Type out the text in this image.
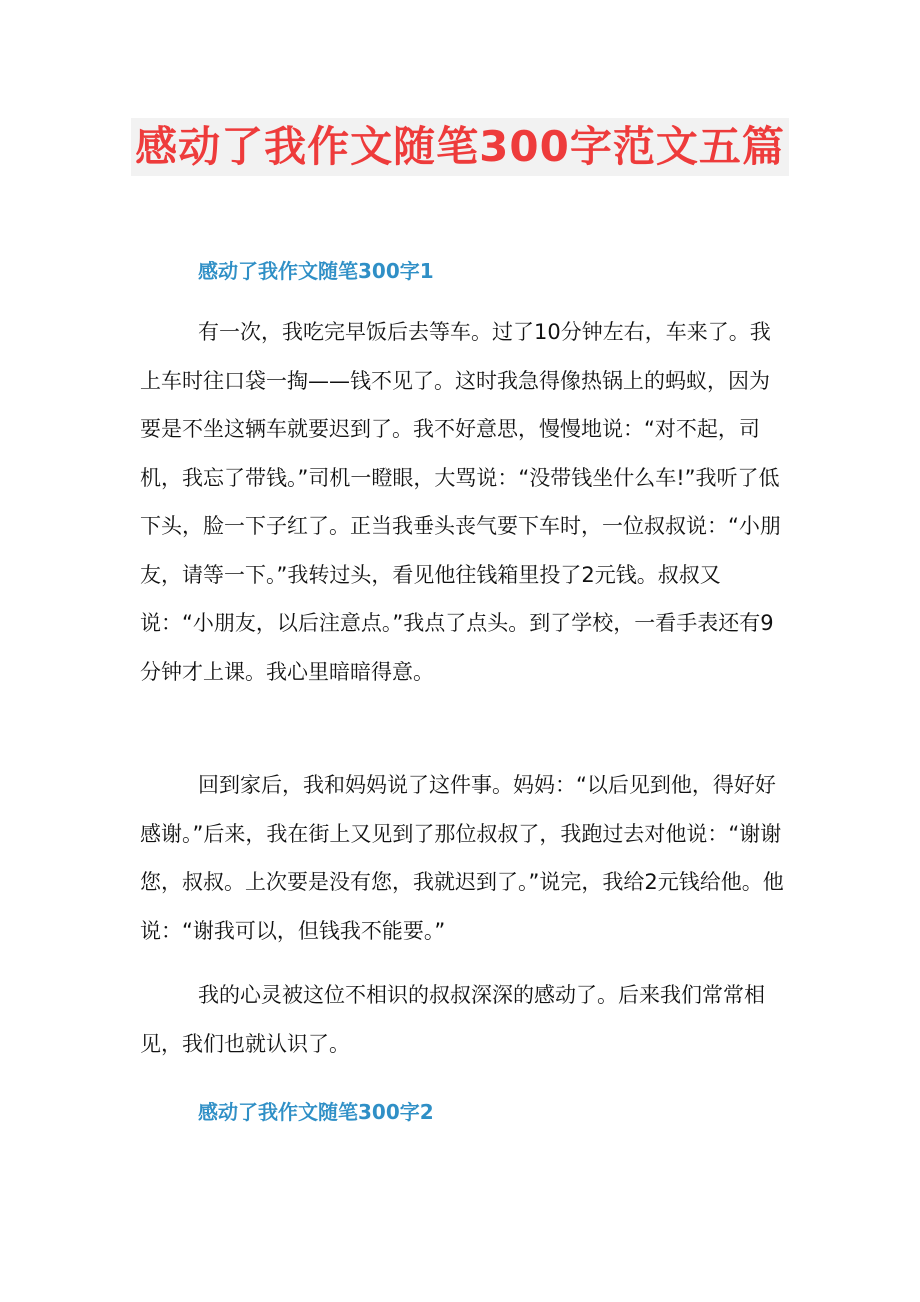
感动了我作文随笔300字范文五篇
感动了我作文随笔300字1

有一次，我吃完早饭后去等车。过了10分钟左右，车来了。我上车时往口袋一掏——钱不见了。这时我急得像热锅上的蚂蚁，因为要是不坐这辆车就要迟到了。我不好意思，慢慢地说：“对不起，司机，我忘了带钱。”司机一瞪眼，大骂说：“没带钱坐什么车!”我听了低下头，脸一下子红了。正当我垂头丧气要下车时，一位叔叔说：“小朋友，请等一下。”我转过头，看见他往钱箱里投了2元钱。叔叔又说：“小朋友，以后注意点。”我点了点头。到了学校，一看手表还有9分钟才上课。我心里暗暗得意。

回到家后，我和妈妈说了这件事。妈妈：“以后见到他，得好好感谢。”后来，我在街上又见到了那位叔叔了，我跑过去对他说：“谢谢您，叔叔。上次要是没有您，我就迟到了。”说完，我给2元钱给他。他说：“谢我可以，但钱我不能要。”

我的心灵被这位不相识的叔叔深深的感动了。后来我们常常相见，我们也就认识了。

感动了我作文随笔300字2
